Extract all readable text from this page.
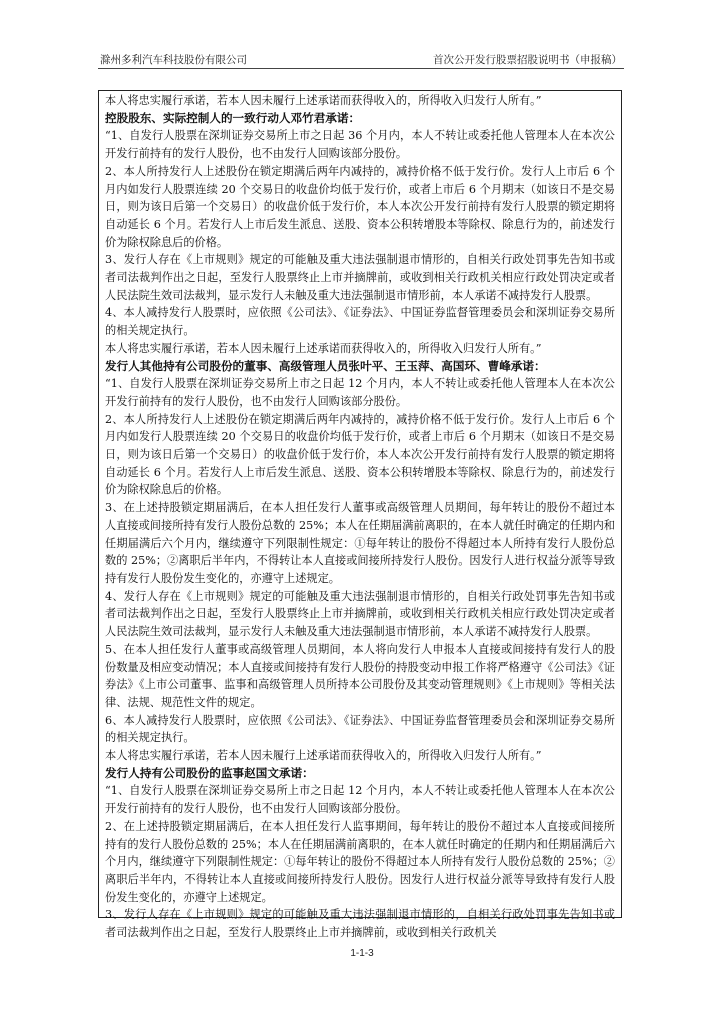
滁州多利汽车科技股份有限公司	首次公开发行股票招股说明书（申报稿）

本人将忠实履行承诺，若本人因未履行上述承诺而获得收入的，所得收入归发行人所有。”

控股股东、实际控制人的一致行动人邓竹君承诺：

“1、自发行人股票在深圳证券交易所上市之日起 36 个月内，本人不转让或委托他人管理本人在本次公开发行前持有的发行人股份，也不由发行人回购该部分股份。

2、本人所持发行人上述股份在锁定期满后两年内减持的，减持价格不低于发行价。发行人上市后 6 个月内如发行人股票连续 20 个交易日的收盘价均低于发行价，或者上市后 6 个月期末（如该日不是交易日，则为该日后第一个交易日）的收盘价低于发行价，本人本次公开发行前持有发行人股票的锁定期将自动延长 6 个月。若发行人上市后发生派息、送股、资本公积转增股本等除权、除息行为的，前述发行价为除权除息后的价格。

3、发行人存在《上市规则》规定的可能触及重大违法强制退市情形的，自相关行政处罚事先告知书或者司法裁判作出之日起，至发行人股票终止上市并摘牌前，或收到相关行政机关相应行政处罚决定或者人民法院生效司法裁判，显示发行人未触及重大违法强制退市情形前，本人承诺不减持发行人股票。

4、本人减持发行人股票时，应依照《公司法》、《证券法》、中国证券监督管理委员会和深圳证券交易所的相关规定执行。

本人将忠实履行承诺，若本人因未履行上述承诺而获得收入的，所得收入归发行人所有。”

发行人其他持有公司股份的董事、高级管理人员张叶平、王玉萍、高国环、曹峰承诺：

“1、自发行人股票在深圳证券交易所上市之日起 12 个月内，本人不转让或委托他人管理本人在本次公开发行前持有的发行人股份，也不由发行人回购该部分股份。

2、本人所持发行人上述股份在锁定期满后两年内减持的，减持价格不低于发行价。发行人上市后 6 个月内如发行人股票连续 20 个交易日的收盘价均低于发行价，或者上市后 6 个月期末（如该日不是交易日，则为该日后第一个交易日）的收盘价低于发行价，本人本次公开发行前持有发行人股票的锁定期将自动延长 6 个月。若发行人上市后发生派息、送股、资本公积转增股本等除权、除息行为的，前述发行价为除权除息后的价格。

3、在上述持股锁定期届满后，在本人担任发行人董事或高级管理人员期间，每年转让的股份不超过本人直接或间接所持有发行人股份总数的 25%；本人在任期届满前离职的，在本人就任时确定的任期内和任期届满后六个月内，继续遵守下列限制性规定：①每年转让的股份不得超过本人所持有发行人股份总数的 25%；②离职后半年内，不得转让本人直接或间接所持发行人股份。因发行人进行权益分派等导致持有发行人股份发生变化的，亦遵守上述规定。

4、发行人存在《上市规则》规定的可能触及重大违法强制退市情形的，自相关行政处罚事先告知书或者司法裁判作出之日起，至发行人股票终止上市并摘牌前，或收到相关行政机关相应行政处罚决定或者人民法院生效司法裁判，显示发行人未触及重大违法强制退市情形前，本人承诺不减持发行人股票。

5、在本人担任发行人董事或高级管理人员期间，本人将向发行人申报本人直接或间接持有发行人的股份数量及相应变动情况；本人直接或间接持有发行人股份的持股变动申报工作将严格遵守《公司法》《证券法》《上市公司董事、监事和高级管理人员所持本公司股份及其变动管理规则》《上市规则》等相关法律、法规、规范性文件的规定。

6、本人减持发行人股票时，应依照《公司法》、《证券法》、中国证券监督管理委员会和深圳证券交易所的相关规定执行。

本人将忠实履行承诺，若本人因未履行上述承诺而获得收入的，所得收入归发行人所有。”

发行人持有公司股份的监事赵国文承诺：

“1、自发行人股票在深圳证券交易所上市之日起 12 个月内，本人不转让或委托他人管理本人在本次公开发行前持有的发行人股份，也不由发行人回购该部分股份。

2、在上述持股锁定期届满后，在本人担任发行人监事期间，每年转让的股份不超过本人直接或间接所持有的发行人股份总数的 25%；本人在任期届满前离职的，在本人就任时确定的任期内和任期届满后六个月内，继续遵守下列限制性规定：①每年转让的股份不得超过本人所持有发行人股份总数的 25%；②离职后半年内，不得转让本人直接或间接所持发行人股份。因发行人进行权益分派等导致持有发行人股份发生变化的，亦遵守上述规定。

3、发行人存在《上市规则》规定的可能触及重大违法强制退市情形的，自相关行政处罚事先告知书或者司法裁判作出之日起，至发行人股票终止上市并摘牌前，或收到相关行政机关

1-1-3
